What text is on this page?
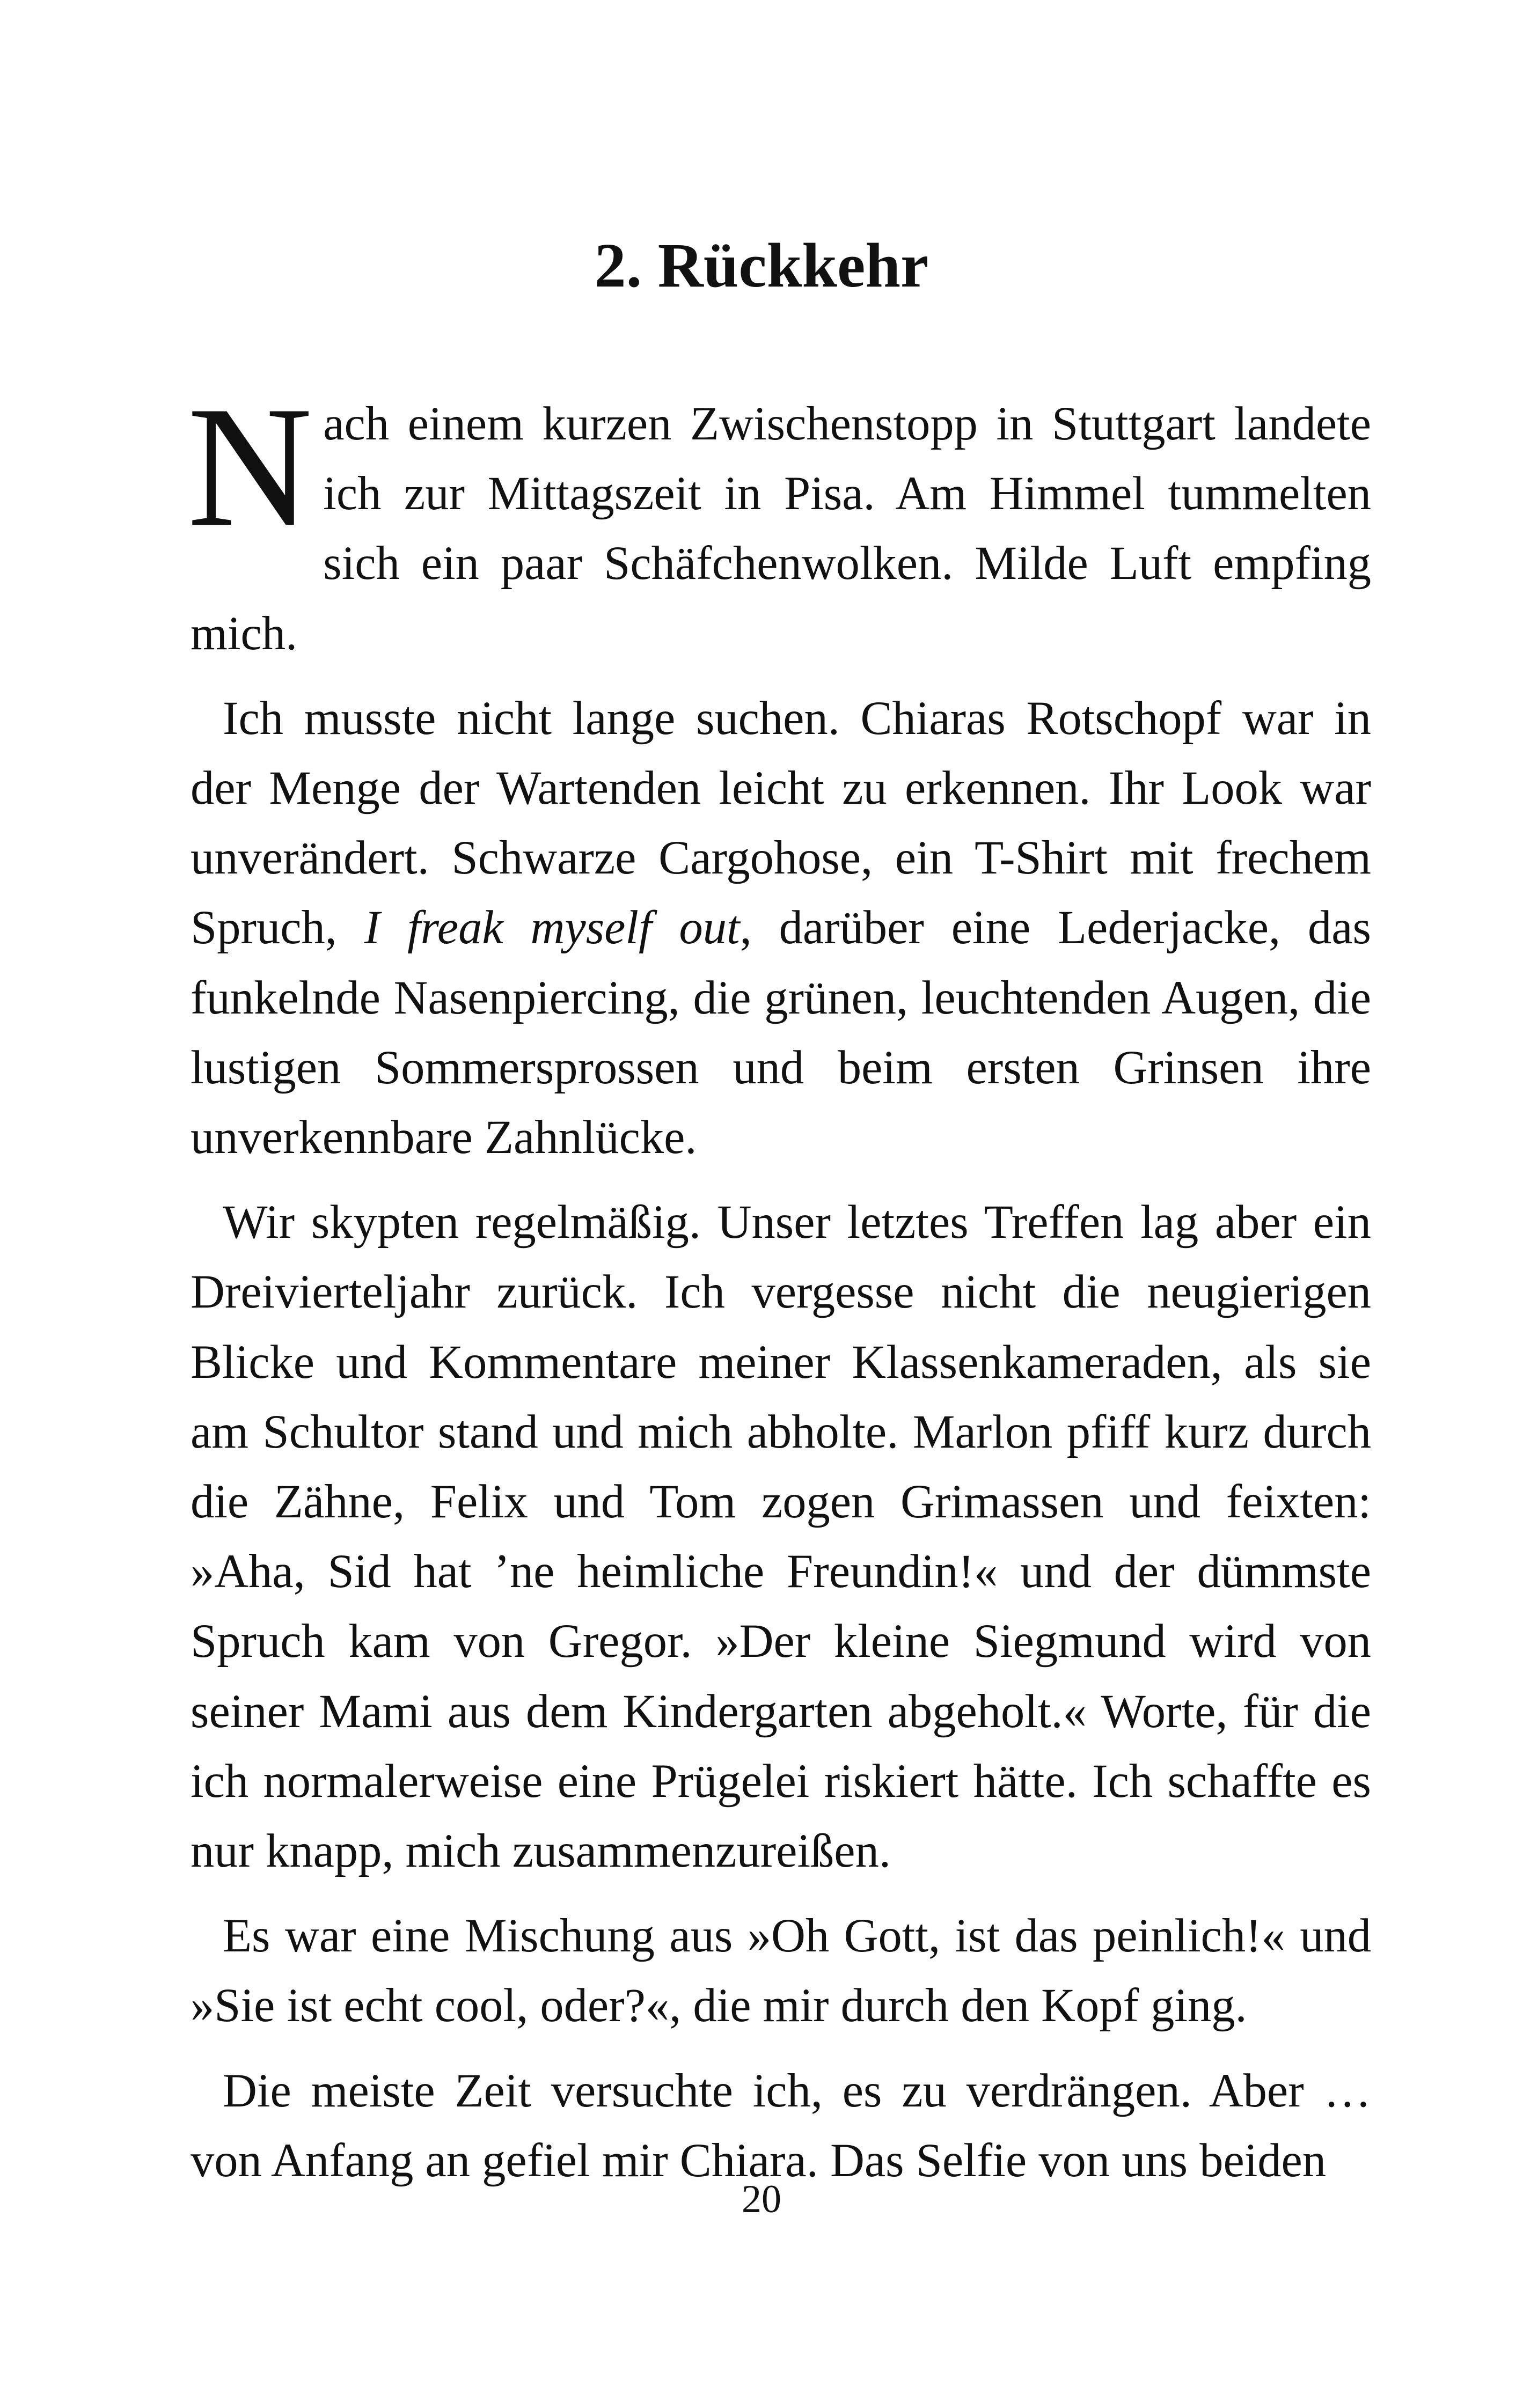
2. Rückkehr

Nach einem kurzen Zwischenstopp in Stuttgart landete ich zur Mittagszeit in Pisa. Am Himmel tummelten sich ein paar Schäfchenwolken. Milde Luft empfing mich.

Ich musste nicht lange suchen. Chiaras Rotschopf war in der Menge der Wartenden leicht zu erkennen. Ihr Look war unverändert. Schwarze Cargohose, ein T-Shirt mit frechem Spruch, I freak myself out, darüber eine Lederjacke, das funkelnde Nasenpiercing, die grünen, leuchtenden Augen, die lustigen Sommersprossen und beim ersten Grinsen ihre unverkennbare Zahnlücke.

Wir skypten regelmäßig. Unser letztes Treffen lag aber ein Dreivierteljahr zurück. Ich vergesse nicht die neugierigen Blicke und Kommentare meiner Klassenkameraden, als sie am Schultor stand und mich abholte. Marlon pfiff kurz durch die Zähne, Felix und Tom zogen Grimassen und feixten: »Aha, Sid hat ’ne heimliche Freundin!« und der dümmste Spruch kam von Gregor. »Der kleine Siegmund wird von seiner Mami aus dem Kindergarten abgeholt.« Worte, für die ich normalerweise eine Prügelei riskiert hätte. Ich schaffte es nur knapp, mich zusammenzureißen.

Es war eine Mischung aus »Oh Gott, ist das peinlich!« und »Sie ist echt cool, oder?«, die mir durch den Kopf ging.

Die meiste Zeit versuchte ich, es zu verdrängen. Aber … von Anfang an gefiel mir Chiara. Das Selfie von uns beiden

20
